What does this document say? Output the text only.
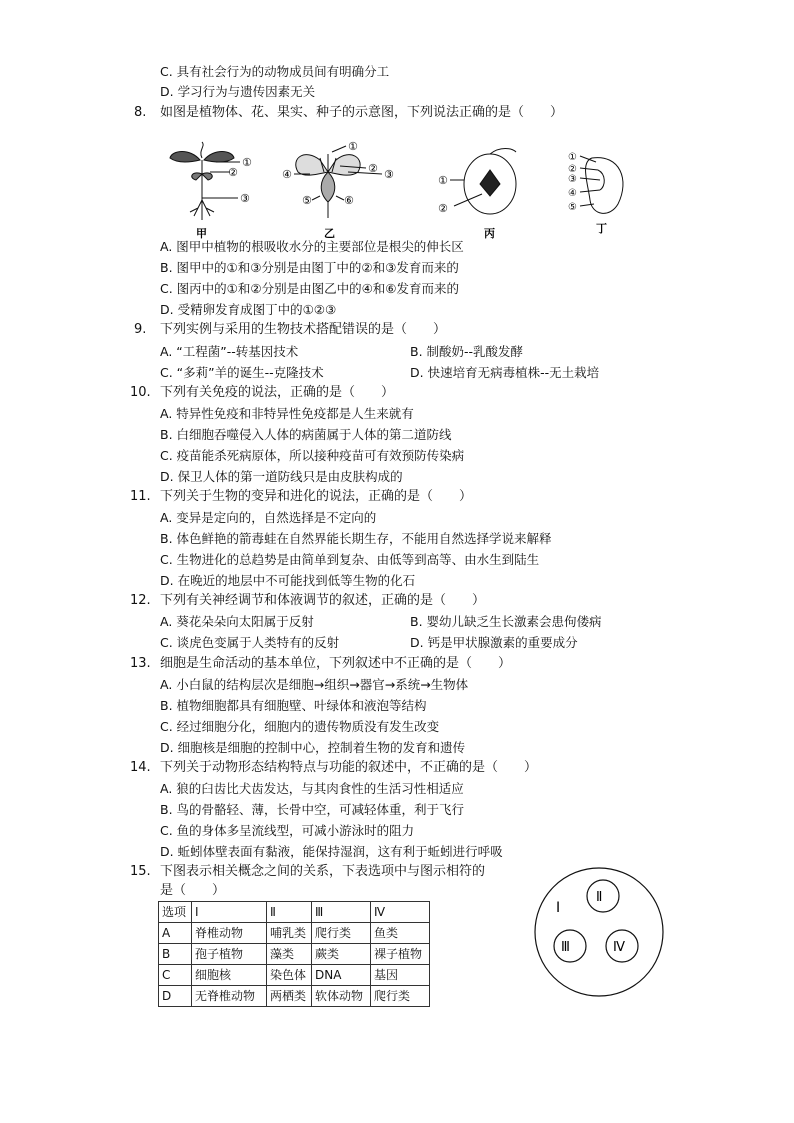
C. 具有社会行为的动物成员间有明确分工
D. 学习行为与遗传因素无关
8. 如图是植物体、花、果实、种子的示意图，下列说法正确的是（　　）
①
②
③
甲
①
② ③
④
⑤	⑥
乙
①
②
丙
①
②
③
④
⑤
丁
A. 图甲中植物的根吸收水分的主要部位是根尖的伸长区
B. 图甲中的①和③分别是由图丁中的②和③发育而来的
C. 图丙中的①和②分别是由图乙中的④和⑥发育而来的
D. 受精卵发育成图丁中的①②③
9. 下列实例与采用的生物技术搭配错误的是（　　）
A. “工程菌”--转基因技术	B. 制酸奶--乳酸发酵
C. “多莉”羊的诞生--克隆技术	D. 快速培育无病毒植株--无土栽培
10. 下列有关免疫的说法，正确的是（　　）
A. 特异性免疫和非特异性免疫都是人生来就有
B. 白细胞吞噬侵入人体的病菌属于人体的第二道防线
C. 疫苗能杀死病原体，所以接种疫苗可有效预防传染病
D. 保卫人体的第一道防线只是由皮肤构成的
11. 下列关于生物的变异和进化的说法，正确的是（　　）
A. 变异是定向的，自然选择是不定向的
B. 体色鲜艳的箭毒蛙在自然界能长期生存，不能用自然选择学说来解释
C. 生物进化的总趋势是由简单到复杂、由低等到高等、由水生到陆生
D. 在晚近的地层中不可能找到低等生物的化石
12. 下列有关神经调节和体液调节的叙述，正确的是（　　）
A. 葵花朵朵向太阳属于反射	B. 婴幼儿缺乏生长激素会患佝偻病
C. 谈虎色变属于人类特有的反射	D. 钙是甲状腺激素的重要成分
13. 细胞是生命活动的基本单位，下列叙述中不正确的是（　　）
A. 小白鼠的结构层次是细胞→组织→器官→系统→生物体
B. 植物细胞都具有细胞壁、叶绿体和液泡等结构
C. 经过细胞分化，细胞内的遗传物质没有发生改变
D. 细胞核是细胞的控制中心，控制着生物的发育和遗传
14. 下列关于动物形态结构特点与功能的叙述中，不正确的是（　　）
A. 狼的臼齿比犬齿发达，与其肉食性的生活习性相适应
B. 鸟的骨骼轻、薄，长骨中空，可减轻体重，利于飞行
C. 鱼的身体多呈流线型，可减小游泳时的阻力
D. 蚯蚓体壁表面有黏液，能保持湿润，这有利于蚯蚓进行呼吸
15. 下图表示相关概念之间的关系，下表选项中与图示相符的
是（　　）
选项	Ⅰ	Ⅱ	Ⅲ	Ⅳ
A	脊椎动物	哺乳类	爬行类	鱼类
B	孢子植物	藻类	蕨类	裸子植物
C	细胞核	染色体	DNA	基因
D	无脊椎动物	两栖类	软体动物	爬行类
Ⅰ
Ⅱ
Ⅲ	Ⅳ
